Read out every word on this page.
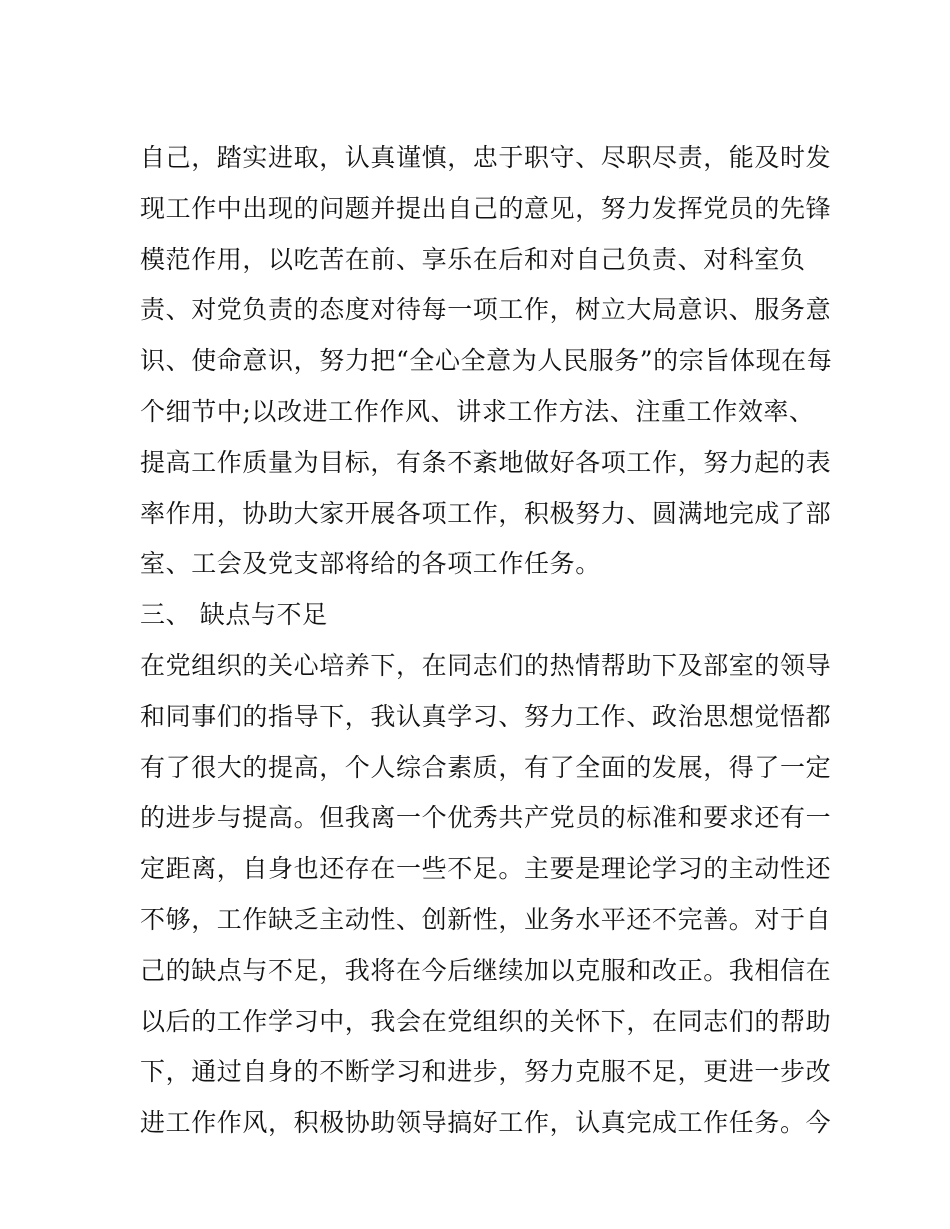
自己，踏实进取，认真谨慎，忠于职守、尽职尽责，能及时发
现工作中出现的问题并提出自己的意见，努力发挥党员的先锋
模范作用，以吃苦在前、享乐在后和对自己负责、对科室负
责、对党负责的态度对待每一项工作，树立大局意识、服务意
识、使命意识，努力把“全心全意为人民服务”的宗旨体现在每
个细节中;以改进工作作风、讲求工作方法、注重工作效率、
提高工作质量为目标，有条不紊地做好各项工作，努力起的表
率作用，协助大家开展各项工作，积极努力、圆满地完成了部
室、工会及党支部将给的各项工作任务。
三、 缺点与不足
在党组织的关心培养下，在同志们的热情帮助下及部室的领导
和同事们的指导下，我认真学习、努力工作、政治思想觉悟都
有了很大的提高，个人综合素质，有了全面的发展，得了一定
的进步与提高。但我离一个优秀共产党员的标准和要求还有一
定距离，自身也还存在一些不足。主要是理论学习的主动性还
不够，工作缺乏主动性、创新性，业务水平还不完善。对于自
己的缺点与不足，我将在今后继续加以克服和改正。我相信在
以后的工作学习中，我会在党组织的关怀下，在同志们的帮助
下，通过自身的不断学习和进步，努力克服不足，更进一步改
进工作作风，积极协助领导搞好工作，认真完成工作任务。今
